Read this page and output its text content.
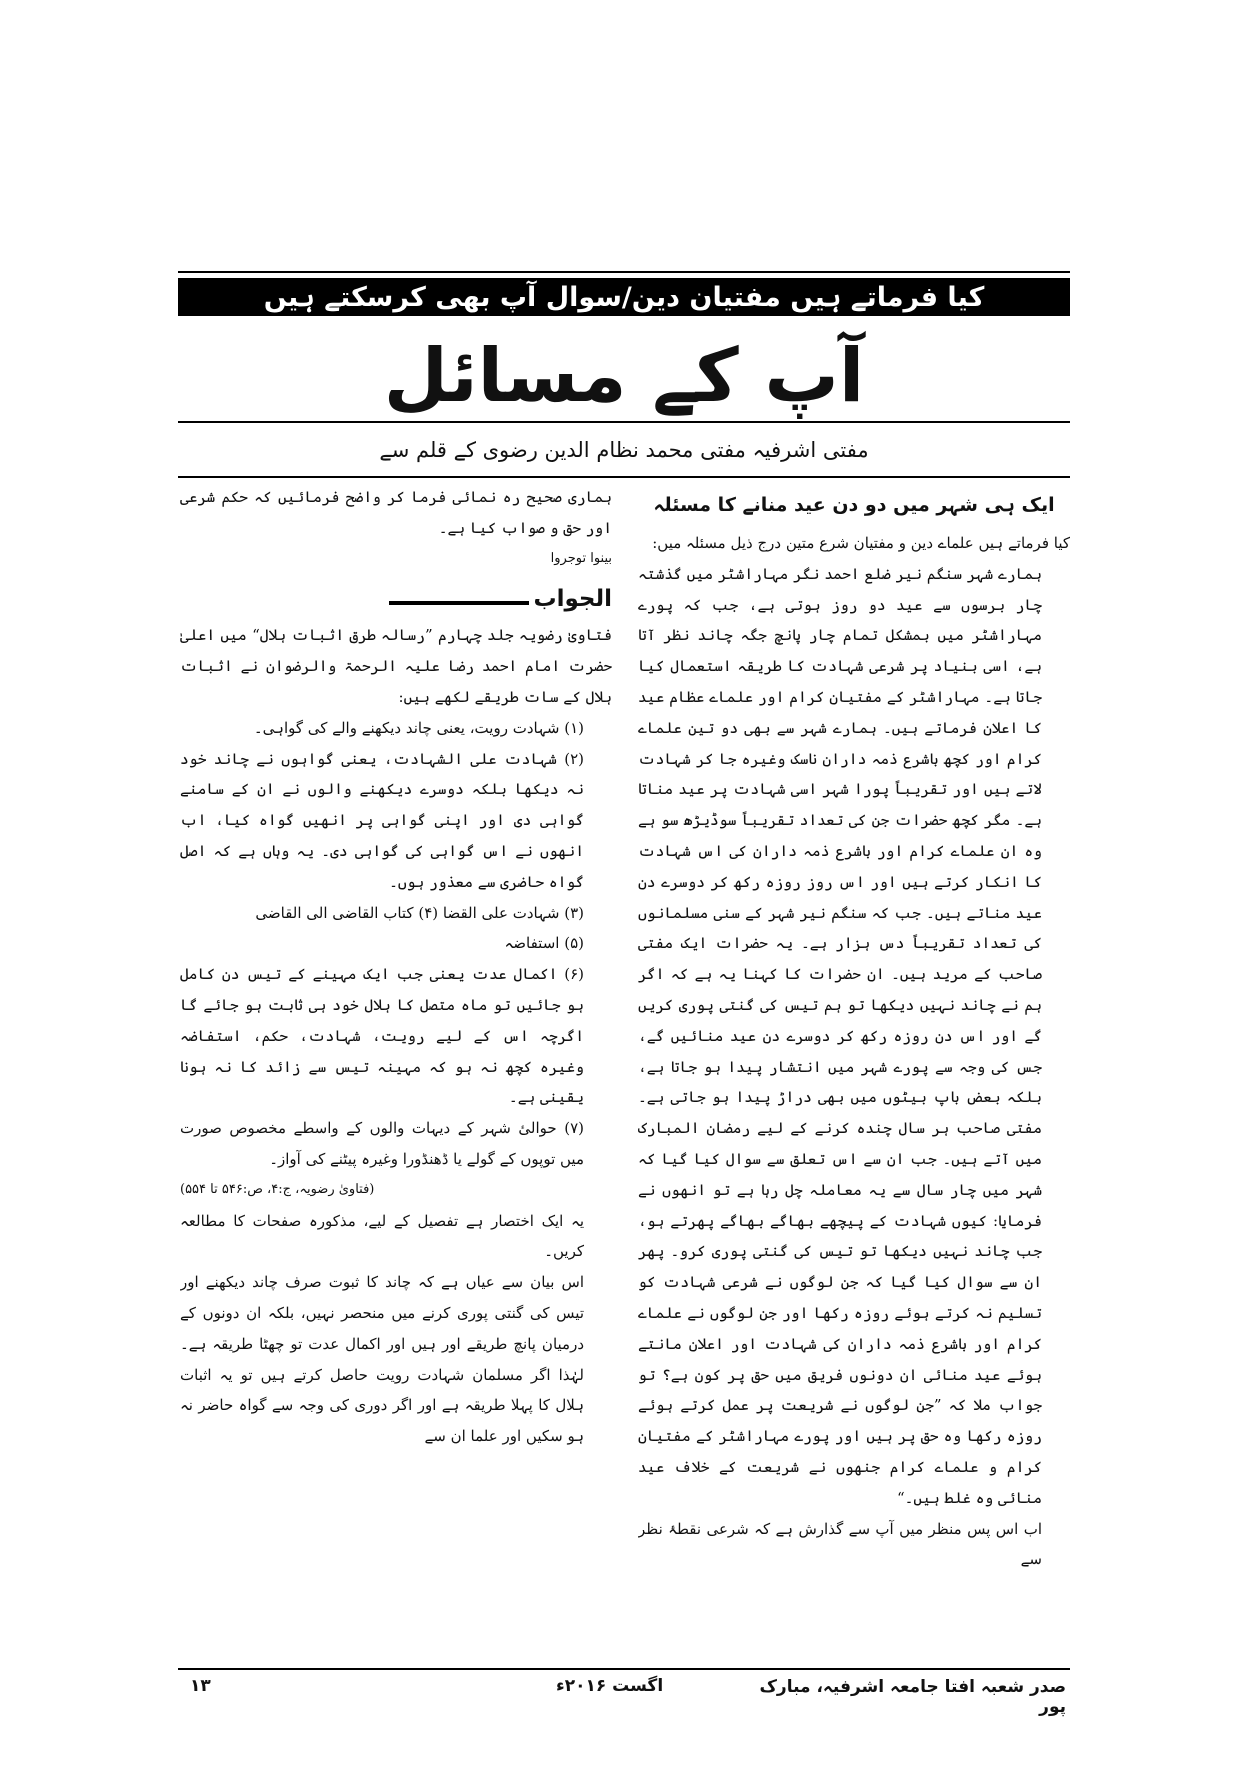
کیا فرماتے ہیں مفتیان دین/سوال آپ بھی کرسکتے ہیں
آپ کے مسائل
مفتی اشرفیہ مفتی محمد نظام الدین رضوی کے قلم سے

ایک ہی شہر میں دو دن عید منانے کا مسئلہ

کیا فرماتے ہیں علماے دین و مفتیان شرع متین درج ذیل مسئلہ میں:

ہمارے شہر سنگم نیر ضلع احمد نگر مہاراشٹر میں گذشتہ چار برسوں سے عید دو روز ہوتی ہے، جب کہ پورے مہاراشٹر میں بمشکل تمام چار پانچ جگہ چاند نظر آتا ہے، اسی بنیاد پر شرعی شہادت کا طریقہ استعمال کیا جاتا ہے۔ مہاراشٹر کے مفتیان کرام اور علماے عظام عید کا اعلان فرماتے ہیں۔ ہمارے شہر سے بھی دو تین علماے کرام اور کچھ باشرع ذمہ داران ناسک وغیرہ جا کر شہادت لاتے ہیں اور تقریباً پورا شہر اسی شہادت پر عید مناتا ہے۔ مگر کچھ حضرات جن کی تعداد تقریباً سوڈیڑھ سو ہے وہ ان علماے کرام اور باشرع ذمہ داران کی اس شہادت کا انکار کرتے ہیں اور اس روز روزہ رکھ کر دوسرے دن عید مناتے ہیں۔ جب کہ سنگم نیر شہر کے سنی مسلمانوں کی تعداد تقریباً دس ہزار ہے۔ یہ حضرات ایک مفتی صاحب کے مرید ہیں۔ ان حضرات کا کہنا یہ ہے کہ اگر ہم نے چاند نہیں دیکھا تو ہم تیس کی گنتی پوری کریں گے اور اس دن روزہ رکھ کر دوسرے دن عید منائیں گے، جس کی وجہ سے پورے شہر میں انتشار پیدا ہو جاتا ہے، بلکہ بعض باپ بیٹوں میں بھی دراڑ پیدا ہو جاتی ہے۔ مفتی صاحب ہر سال چندہ کرنے کے لیے رمضان المبارک میں آتے ہیں۔ جب ان سے اس تعلق سے سوال کیا گیا کہ شہر میں چار سال سے یہ معاملہ چل رہا ہے تو انھوں نے فرمایا: کیوں شہادت کے پیچھے بھاگے بھاگے پھرتے ہو، جب چاند نہیں دیکھا تو تیس کی گنتی پوری کرو۔ پھر ان سے سوال کیا گیا کہ جن لوگوں نے شرعی شہادت کو تسلیم نہ کرتے ہوئے روزہ رکھا اور جن لوگوں نے علماے کرام اور باشرع ذمہ داران کی شہادت اور اعلان مانتے ہوئے عید منائی ان دونوں فریق میں حق پر کون ہے؟ تو جواب ملا کہ ”جن لوگوں نے شریعت پر عمل کرتے ہوئے روزہ رکھا وہ حق پر ہیں اور پورے مہاراشٹر کے مفتیان کرام و علماے کرام جنھوں نے شریعت کے خلاف عید منائی وہ غلط ہیں۔“

اب اس پس منظر میں آپ سے گذارش ہے کہ شرعی نقطۂ نظر سے

ہماری صحیح رہ نمائی فرما کر واضح فرمائیں کہ حکم شرعی اور حق و صواب کیا ہے۔

بینوا توجروا

الجواب

فتاویٰ رضویہ جلد چہارم ”رسالہ طرق اثبات ہلال“ میں اعلیٰ حضرت امام احمد رضا علیہ الرحمۃ والرضوان نے اثبات ہلال کے سات طریقے لکھے ہیں:

(۱) شہادت رویت، یعنی چاند دیکھنے والے کی گواہی۔

(۲) شہادت علی الشہادت، یعنی گواہوں نے چاند خود نہ دیکھا بلکہ دوسرے دیکھنے والوں نے ان کے سامنے گواہی دی اور اپنی گواہی پر انھیں گواہ کیا، اب انھوں نے اس گواہی کی گواہی دی۔ یہ وہاں ہے کہ اصل گواہ حاضری سے معذور ہوں۔

(۳) شہادت علی القضا (۴) کتاب القاضی الی القاضی

(۵) استفاضہ

(۶) اکمال عدت یعنی جب ایک مہینے کے تیس دن کامل ہو جائیں تو ماہ متصل کا ہلال خود ہی ثابت ہو جائے گا اگرچہ اس کے لیے رویت، شہادت، حکم، استفاضہ وغیرہ کچھ نہ ہو کہ مہینہ تیس سے زائد کا نہ ہونا یقینی ہے۔

(۷) حوالیٔ شہر کے دیہات والوں کے واسطے مخصوص صورت میں توپوں کے گولے یا ڈھنڈورا وغیرہ پیٹنے کی آواز۔

(فتاویٰ رضویہ، ج:۴، ص:۵۴۶ تا ۵۵۴)

یہ ایک اختصار ہے تفصیل کے لیے، مذکورہ صفحات کا مطالعہ کریں۔

اس بیان سے عیاں ہے کہ چاند کا ثبوت صرف چاند دیکھنے اور تیس کی گنتی پوری کرنے میں منحصر نہیں، بلکہ ان دونوں کے درمیان پانچ طریقے اور ہیں اور اکمال عدت تو چھٹا طریقہ ہے۔ لہٰذا اگر مسلمان شہادت رویت حاصل کرتے ہیں تو یہ اثبات ہلال کا پہلا طریقہ ہے اور اگر دوری کی وجہ سے گواہ حاضر نہ ہو سکیں اور علما ان سے

۱۳	اگست ۲۰۱۶ء	صدر شعبہ افتا جامعہ اشرفیہ، مبارک پور
